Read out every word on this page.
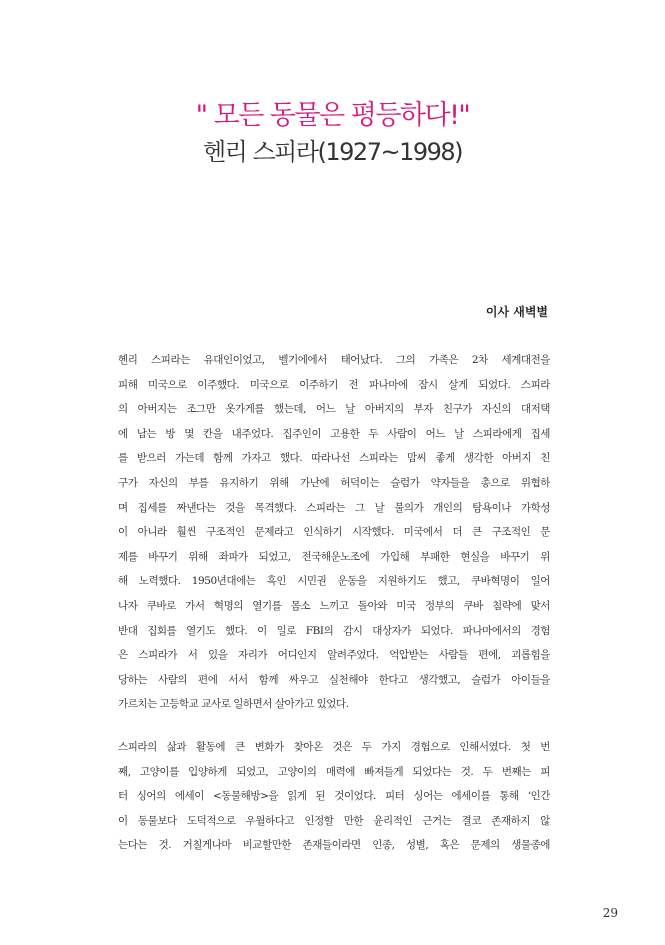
" 모든 동물은 평등하다!"
헨리 스피라(1927~1998)
이사 새벽별
헨리 스피라는 유대인이었고, 벨기에에서 태어났다. 그의 가족은 2차 세계대전을
피해 미국으로 이주했다. 미국으로 이주하기 전 파나마에 잠시 살게 되었다. 스피라
의 아버지는 조그만 옷가게를 했는데, 어느 날 아버지의 부자 친구가 자신의 대저택
에 남는 방 몇 칸을 내주었다. 집주인이 고용한 두 사람이 어느 날 스피라에게 집세
를 받으러 가는데 함께 가자고 했다. 따라나선 스피라는 맘씨 좋게 생각한 아버지 친
구가 자신의 부를 유지하기 위해 가난에 허덕이는 슬럼가 약자들을 총으로 위협하
며 집세를 짜낸다는 것을 목격했다. 스피라는 그 날 불의가 개인의 탐욕이나 가학성
이 아니라 훨씬 구조적인 문제라고 인식하기 시작했다. 미국에서 더 큰 구조적인 문
제를 바꾸기 위해 좌파가 되었고, 전국해운노조에 가입해 부패한 현실을 바꾸기 위
해 노력했다. 1950년대에는 흑인 시민권 운동을 지원하기도 했고, 쿠바혁명이 일어
나자 쿠바로 가서 혁명의 열기를 몸소 느끼고 돌아와 미국 정부의 쿠바 침략에 맞서
반대 집회를 열기도 했다. 이 일로 FBI의 감시 대상자가 되었다. 파나마에서의 경험
은 스피라가 서 있을 자리가 어디인지 알려주었다. 억압받는 사람들 편에, 괴롭힘을
당하는 사람의 편에 서서 함께 싸우고 실천해야 한다고 생각했고, 슬럼가 아이들을
가르치는 고등학교 교사로 일하면서 살아가고 있었다.
스피라의 삶과 활동에 큰 변화가 찾아온 것은 두 가지 경험으로 인해서였다. 첫 번
째, 고양이를 입양하게 되었고, 고양이의 매력에 빠져들게 되었다는 것. 두 번째는 피
터 싱어의 에세이 <동물해방>을 읽게 된 것이었다. 피터 싱어는 에세이를 통해 ‘인간
이 동물보다 도덕적으로 우월하다고 인정할 만한 윤리적인 근거는 결코 존재하지 않
는다는 것. 거칠게나마 비교할만한 존재들이라면 인종, 성별, 혹은 문제의 생물종에
29
